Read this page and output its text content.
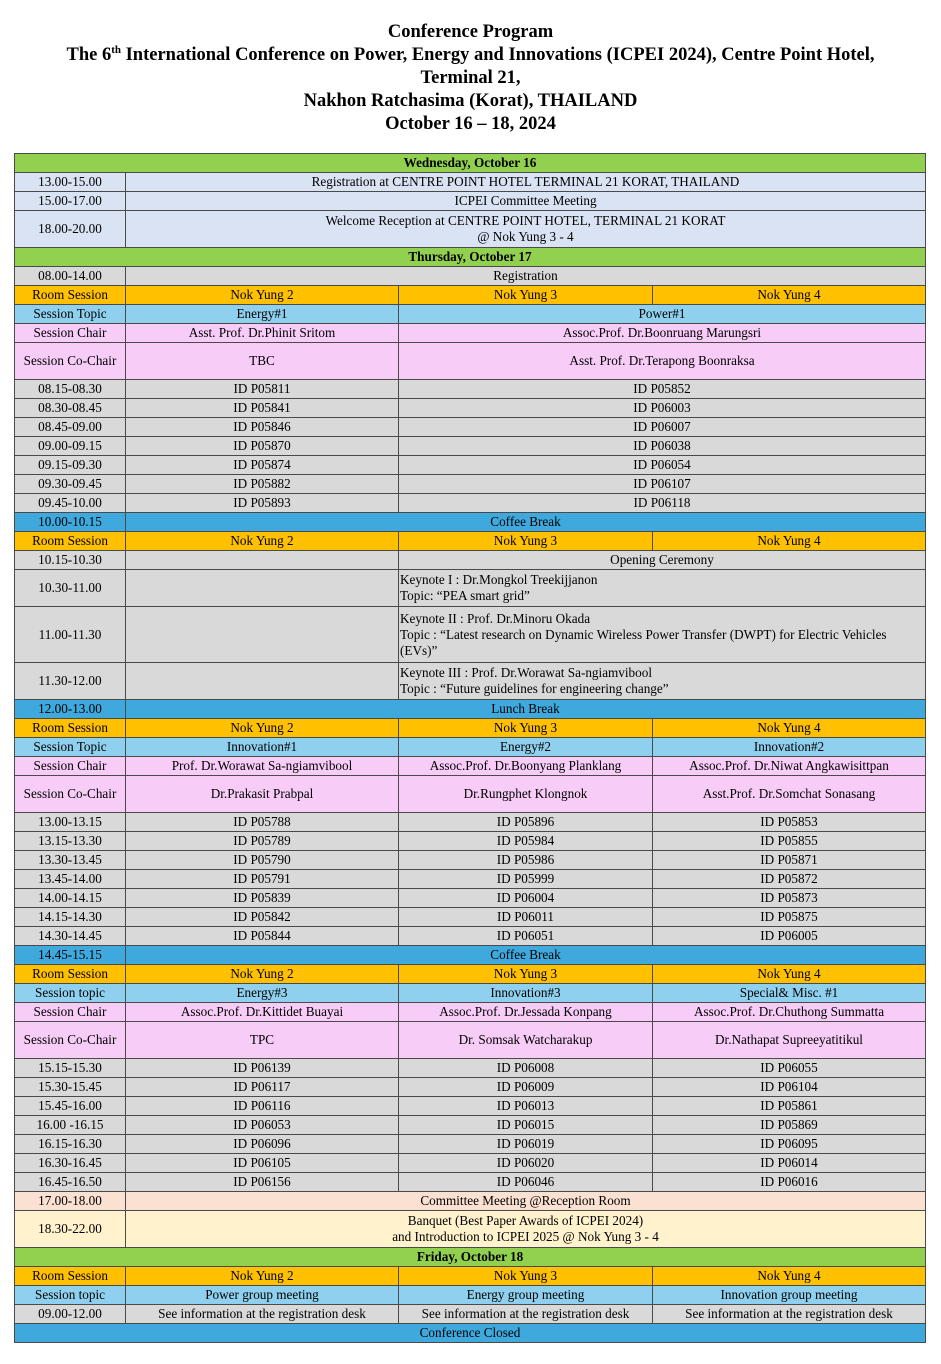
Conference Program
The 6th International Conference on Power, Energy and Innovations (ICPEI 2024), Centre Point Hotel,
Terminal 21,
Nakhon Ratchasima (Korat), THAILAND
October 16 – 18, 2024
Wednesday, October 16			
13.00-15.00	Registration at CENTRE POINT HOTEL TERMINAL 21 KORAT, THAILAND		
15.00-17.00	ICPEI Committee Meeting		
18.00-20.00	Welcome Reception at CENTRE POINT HOTEL, TERMINAL 21 KORAT
@ Nok Yung 3 - 4		

Thursday, October 17			
08.00-14.00	Registration		
Room Session	Nok Yung 2	Nok Yung 3	Nok Yung 4
Session Topic	Energy#1	Power#1	
Session Chair	Asst. Prof. Dr.Phinit Sritom	Assoc.Prof. Dr.Boonruang Marungsri	
Session Co-Chair	TBC	Asst. Prof. Dr.Terapong Boonraksa	
08.15-08.30	ID P05811	ID P05852	
08.30-08.45	ID P05841	ID P06003	
08.45-09.00	ID P05846	ID P06007	
09.00-09.15	ID P05870	ID P06038	
09.15-09.30	ID P05874	ID P06054	
09.30-09.45	ID P05882	ID P06107	
09.45-10.00	ID P05893	ID P06118	
10.00-10.15	Coffee Break		
Room Session	Nok Yung 2	Nok Yung 3	Nok Yung 4
10.15-10.30		Opening Ceremony	
10.30-11.00		Keynote I : Dr.Mongkol Treekijjanon
Topic: “PEA smart grid”	

11.00-11.30		Keynote II : Prof. Dr.Minoru Okada
Topic : “Latest research on Dynamic Wireless Power Transfer (DWPT) for Electric Vehicles (EVs)”	

11.30-12.00		Keynote III : Prof. Dr.Worawat Sa-ngiamvibool
Topic : “Future guidelines for engineering change”	

12.00-13.00	Lunch Break		
Room Session	Nok Yung 2	Nok Yung 3	Nok Yung 4
Session Topic	Innovation#1	Energy#2	Innovation#2
Session Chair	Prof. Dr.Worawat Sa-ngiamvibool	Assoc.Prof. Dr.Boonyang Planklang	Assoc.Prof. Dr.Niwat Angkawisittpan
Session Co-Chair	Dr.Prakasit Prabpal	Dr.Rungphet Klongnok	Asst.Prof. Dr.Somchat Sonasang
13.00-13.15	ID P05788	ID P05896	ID P05853
13.15-13.30	ID P05789	ID P05984	ID P05855
13.30-13.45	ID P05790	ID P05986	ID P05871
13.45-14.00	ID P05791	ID P05999	ID P05872
14.00-14.15	ID P05839	ID P06004	ID P05873
14.15-14.30	ID P05842	ID P06011	ID P05875
14.30-14.45	ID P05844	ID P06051	ID P06005
14.45-15.15	Coffee Break		
Room Session	Nok Yung 2	Nok Yung 3	Nok Yung 4
Session topic	Energy#3	Innovation#3	Special& Misc. #1
Session Chair	Assoc.Prof. Dr.Kittidet Buayai	Assoc.Prof. Dr.Jessada Konpang	Assoc.Prof. Dr.Chuthong Summatta
Session Co-Chair	TPC	Dr. Somsak Watcharakup	Dr.Nathapat Supreeyatitikul
15.15-15.30	ID P06139	ID P06008	ID P06055
15.30-15.45	ID P06117	ID P06009	ID P06104
15.45-16.00	ID P06116	ID P06013	ID P05861
16.00 -16.15	ID P06053	ID P06015	ID P05869
16.15-16.30	ID P06096	ID P06019	ID P06095
16.30-16.45	ID P06105	ID P06020	ID P06014
16.45-16.50	ID P06156	ID P06046	ID P06016
17.00-18.00	Committee Meeting @Reception Room		
18.30-22.00	Banquet (Best Paper Awards of ICPEI 2024)
and Introduction to ICPEI 2025 @ Nok Yung 3 - 4		

Friday, October 18			
Room Session	Nok Yung 2	Nok Yung 3	Nok Yung 4
Session topic	Power group meeting	Energy group meeting	Innovation group meeting
09.00-12.00	See information at the registration desk	See information at the registration desk	See information at the registration desk
Conference Closed			
